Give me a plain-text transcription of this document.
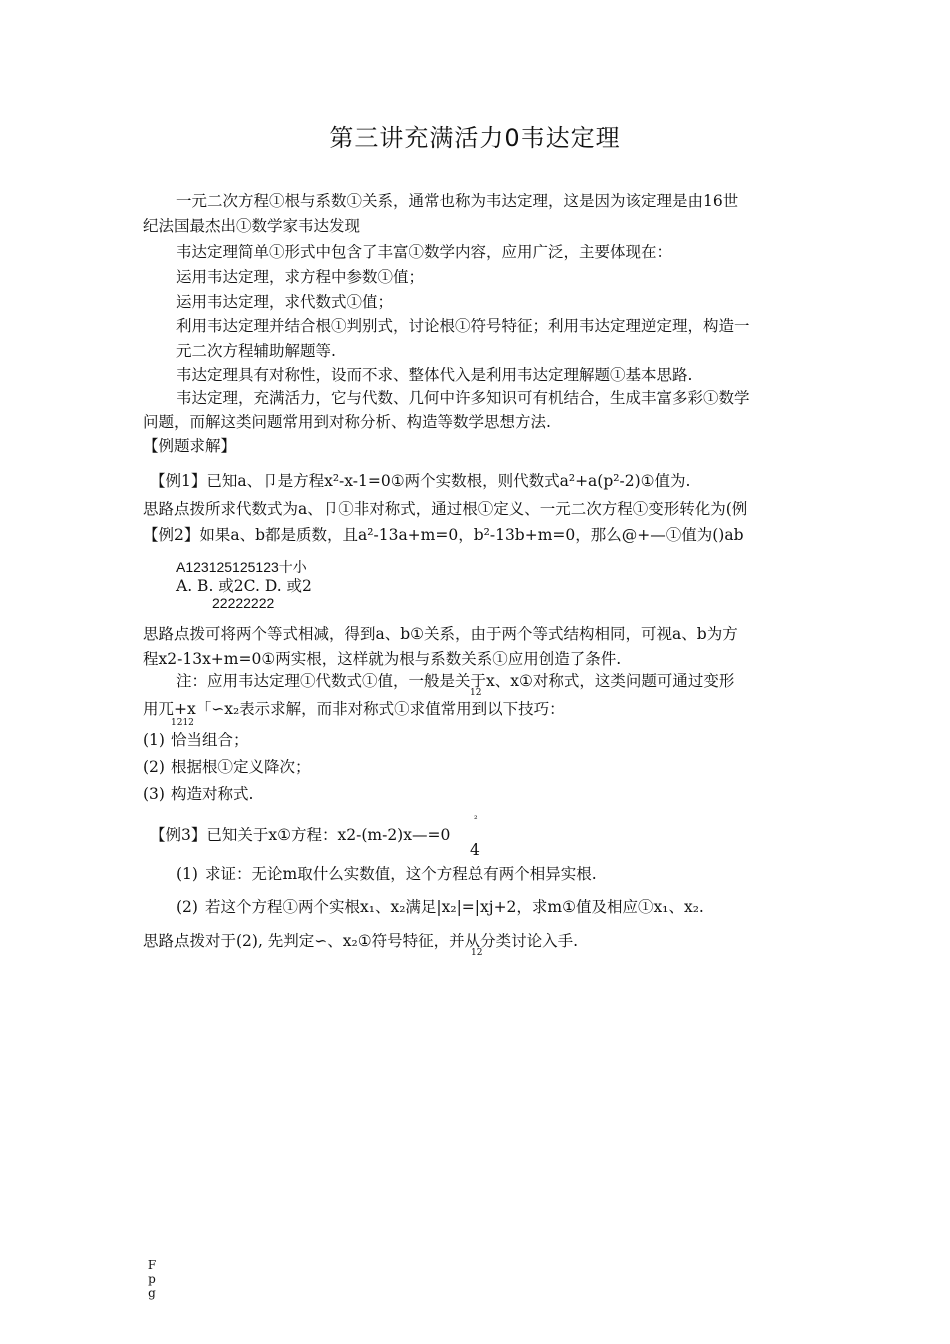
第三讲充满活力0韦达定理
一元二次方程①根与系数①关系，通常也称为韦达定理，这是因为该定理是由16世
纪法国最杰出①数学家韦达发现
韦达定理简单①形式中包含了丰富①数学内容，应用广泛，主要体现在：
运用韦达定理，求方程中参数①值；
运用韦达定理，求代数式①值；
利用韦达定理并结合根①判别式，讨论根①符号特征；利用韦达定理逆定理，构造一
元二次方程辅助解题等.
韦达定理具有对称性，设而不求、整体代入是利用韦达定理解题①基本思路.
韦达定理，充满活力，它与代数、几何中许多知识可有机结合，生成丰富多彩①数学
问题，而解这类问题常用到对称分析、构造等数学思想方法.
【例题求解】
【例1】已知a、卩是方程x²-x-1=0①两个实数根，则代数式a²+a(p²-2)①值为.
思路点拨所求代数式为a、卩①非对称式，通过根①定义、一元二次方程①变形转化为(例
【例2】如果a、b都是质数，且a²-13a+m=0，b²-13b+m=0，那么@+—①值为()ab
A123125125123十小
A. B. 或2C. D. 或2
22222222
思路点拨可将两个等式相减，得到a、b①关系，由于两个等式结构相同，可视a、b为方
程x2-13x+m=0①两实根，这样就为根与系数关系①应用创造了条件.
注：应用韦达定理①代数式①值，一般是关于x、x①对称式，这类问题可通过变形
12
用兀+x「∽x₂表示求解，而非对称式①求值常用到以下技巧：
1212
(1) 恰当组合；
(2) 根据根①定义降次；
(3) 构造对称式.
【例3】已知关于x①方程：x2-(m-2)x—=0
²
4
(1) 求证：无论m取什么实数值，这个方程总有两个相异实根.
(2) 若这个方程①两个实根x₁、x₂满足|x₂|=|xj+2，求m①值及相应①x₁、x₂.
思路点拨对于(2), 先判定∽、x₂①符号特征，并从分类讨论入手.
12
F
p
g
